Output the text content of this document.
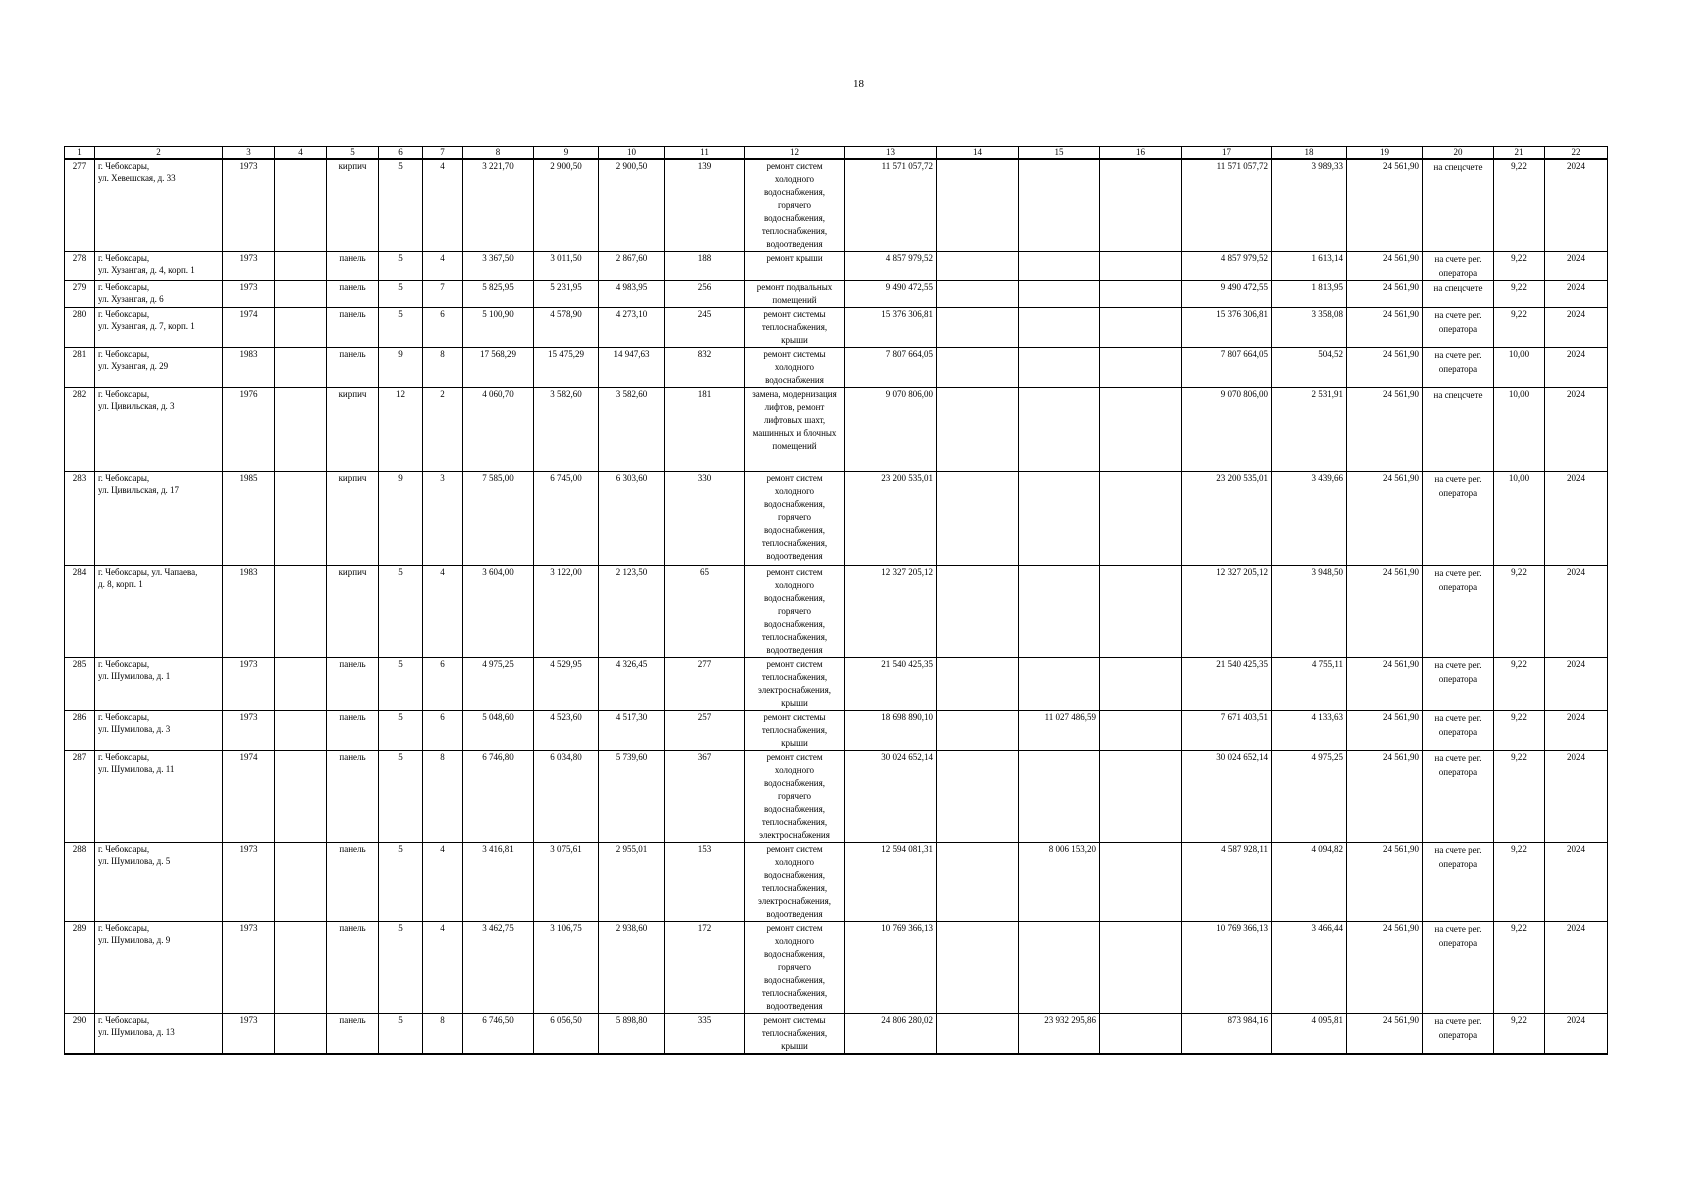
18
1	2	3	4	5	6	7	8	9	10	11	12	13	14	15	16	17	18	19	20	21	22
277	г. Чебоксары,
ул. Хевешская, д. 33	1973		кирпич	5	4	3 221,70	2 900,50	2 900,50	139	ремонт систем холодного водоснабжения, горячего водоснабжения, теплоснабжения, водоотведения	11 571 057,72				11 571 057,72	3 989,33	24 561,90	на спецсчете	9,22	2024
278	г. Чебоксары,
ул. Хузангая, д. 4, корп. 1	1973		панель	5	4	3 367,50	3 011,50	2 867,60	188	ремонт крыши	4 857 979,52				4 857 979,52	1 613,14	24 561,90	на счете рег. оператора	9,22	2024
279	г. Чебоксары,
ул. Хузангая, д. 6	1973		панель	5	7	5 825,95	5 231,95	4 983,95	256	ремонт подвальных помещений	9 490 472,55				9 490 472,55	1 813,95	24 561,90	на спецсчете	9,22	2024
280	г. Чебоксары,
ул. Хузангая, д. 7, корп. 1	1974		панель	5	6	5 100,90	4 578,90	4 273,10	245	ремонт системы теплоснабжения, крыши	15 376 306,81				15 376 306,81	3 358,08	24 561,90	на счете рег. оператора	9,22	2024
281	г. Чебоксары,
ул. Хузангая, д. 29	1983		панель	9	8	17 568,29	15 475,29	14 947,63	832	ремонт системы холодного водоснабжения	7 807 664,05				7 807 664,05	504,52	24 561,90	на счете рег. оператора	10,00	2024
282	г. Чебоксары,
ул. Цивильская, д. 3	1976		кирпич	12	2	4 060,70	3 582,60	3 582,60	181	замена, модернизация лифтов, ремонт лифтовых шахт, машинных и блочных помещений	9 070 806,00				9 070 806,00	2 531,91	24 561,90	на спецсчете	10,00	2024
283	г. Чебоксары,
ул. Цивильская, д. 17	1985		кирпич	9	3	7 585,00	6 745,00	6 303,60	330	ремонт систем холодного водоснабжения, горячего водоснабжения, теплоснабжения, водоотведения	23 200 535,01				23 200 535,01	3 439,66	24 561,90	на счете рег. оператора	10,00	2024
284	г. Чебоксары, ул. Чапаева,
д. 8, корп. 1	1983		кирпич	5	4	3 604,00	3 122,00	2 123,50	65	ремонт систем холодного водоснабжения, горячего водоснабжения, теплоснабжения, водоотведения	12 327 205,12				12 327 205,12	3 948,50	24 561,90	на счете рег. оператора	9,22	2024
285	г. Чебоксары,
ул. Шумилова, д. 1	1973		панель	5	6	4 975,25	4 529,95	4 326,45	277	ремонт систем теплоснабжения, электроснабжения, крыши	21 540 425,35				21 540 425,35	4 755,11	24 561,90	на счете рег. оператора	9,22	2024
286	г. Чебоксары,
ул. Шумилова, д. 3	1973		панель	5	6	5 048,60	4 523,60	4 517,30	257	ремонт системы теплоснабжения, крыши	18 698 890,10		11 027 486,59		7 671 403,51	4 133,63	24 561,90	на счете рег. оператора	9,22	2024
287	г. Чебоксары,
ул. Шумилова, д. 11	1974		панель	5	8	6 746,80	6 034,80	5 739,60	367	ремонт систем холодного водоснабжения, горячего водоснабжения, теплоснабжения, электроснабжения	30 024 652,14				30 024 652,14	4 975,25	24 561,90	на счете рег. оператора	9,22	2024
288	г. Чебоксары,
ул. Шумилова, д. 5	1973		панель	5	4	3 416,81	3 075,61	2 955,01	153	ремонт систем холодного водоснабжения, теплоснабжения, электроснабжения, водоотведения	12 594 081,31		8 006 153,20		4 587 928,11	4 094,82	24 561,90	на счете рег. оператора	9,22	2024
289	г. Чебоксары,
ул. Шумилова, д. 9	1973		панель	5	4	3 462,75	3 106,75	2 938,60	172	ремонт систем холодного водоснабжения, горячего водоснабжения, теплоснабжения, водоотведения	10 769 366,13				10 769 366,13	3 466,44	24 561,90	на счете рег. оператора	9,22	2024
290	г. Чебоксары,
ул. Шумилова, д. 13	1973		панель	5	8	6 746,50	6 056,50	5 898,80	335	ремонт системы теплоснабжения, крыши	24 806 280,02		23 932 295,86		873 984,16	4 095,81	24 561,90	на счете рег. оператора	9,22	2024
